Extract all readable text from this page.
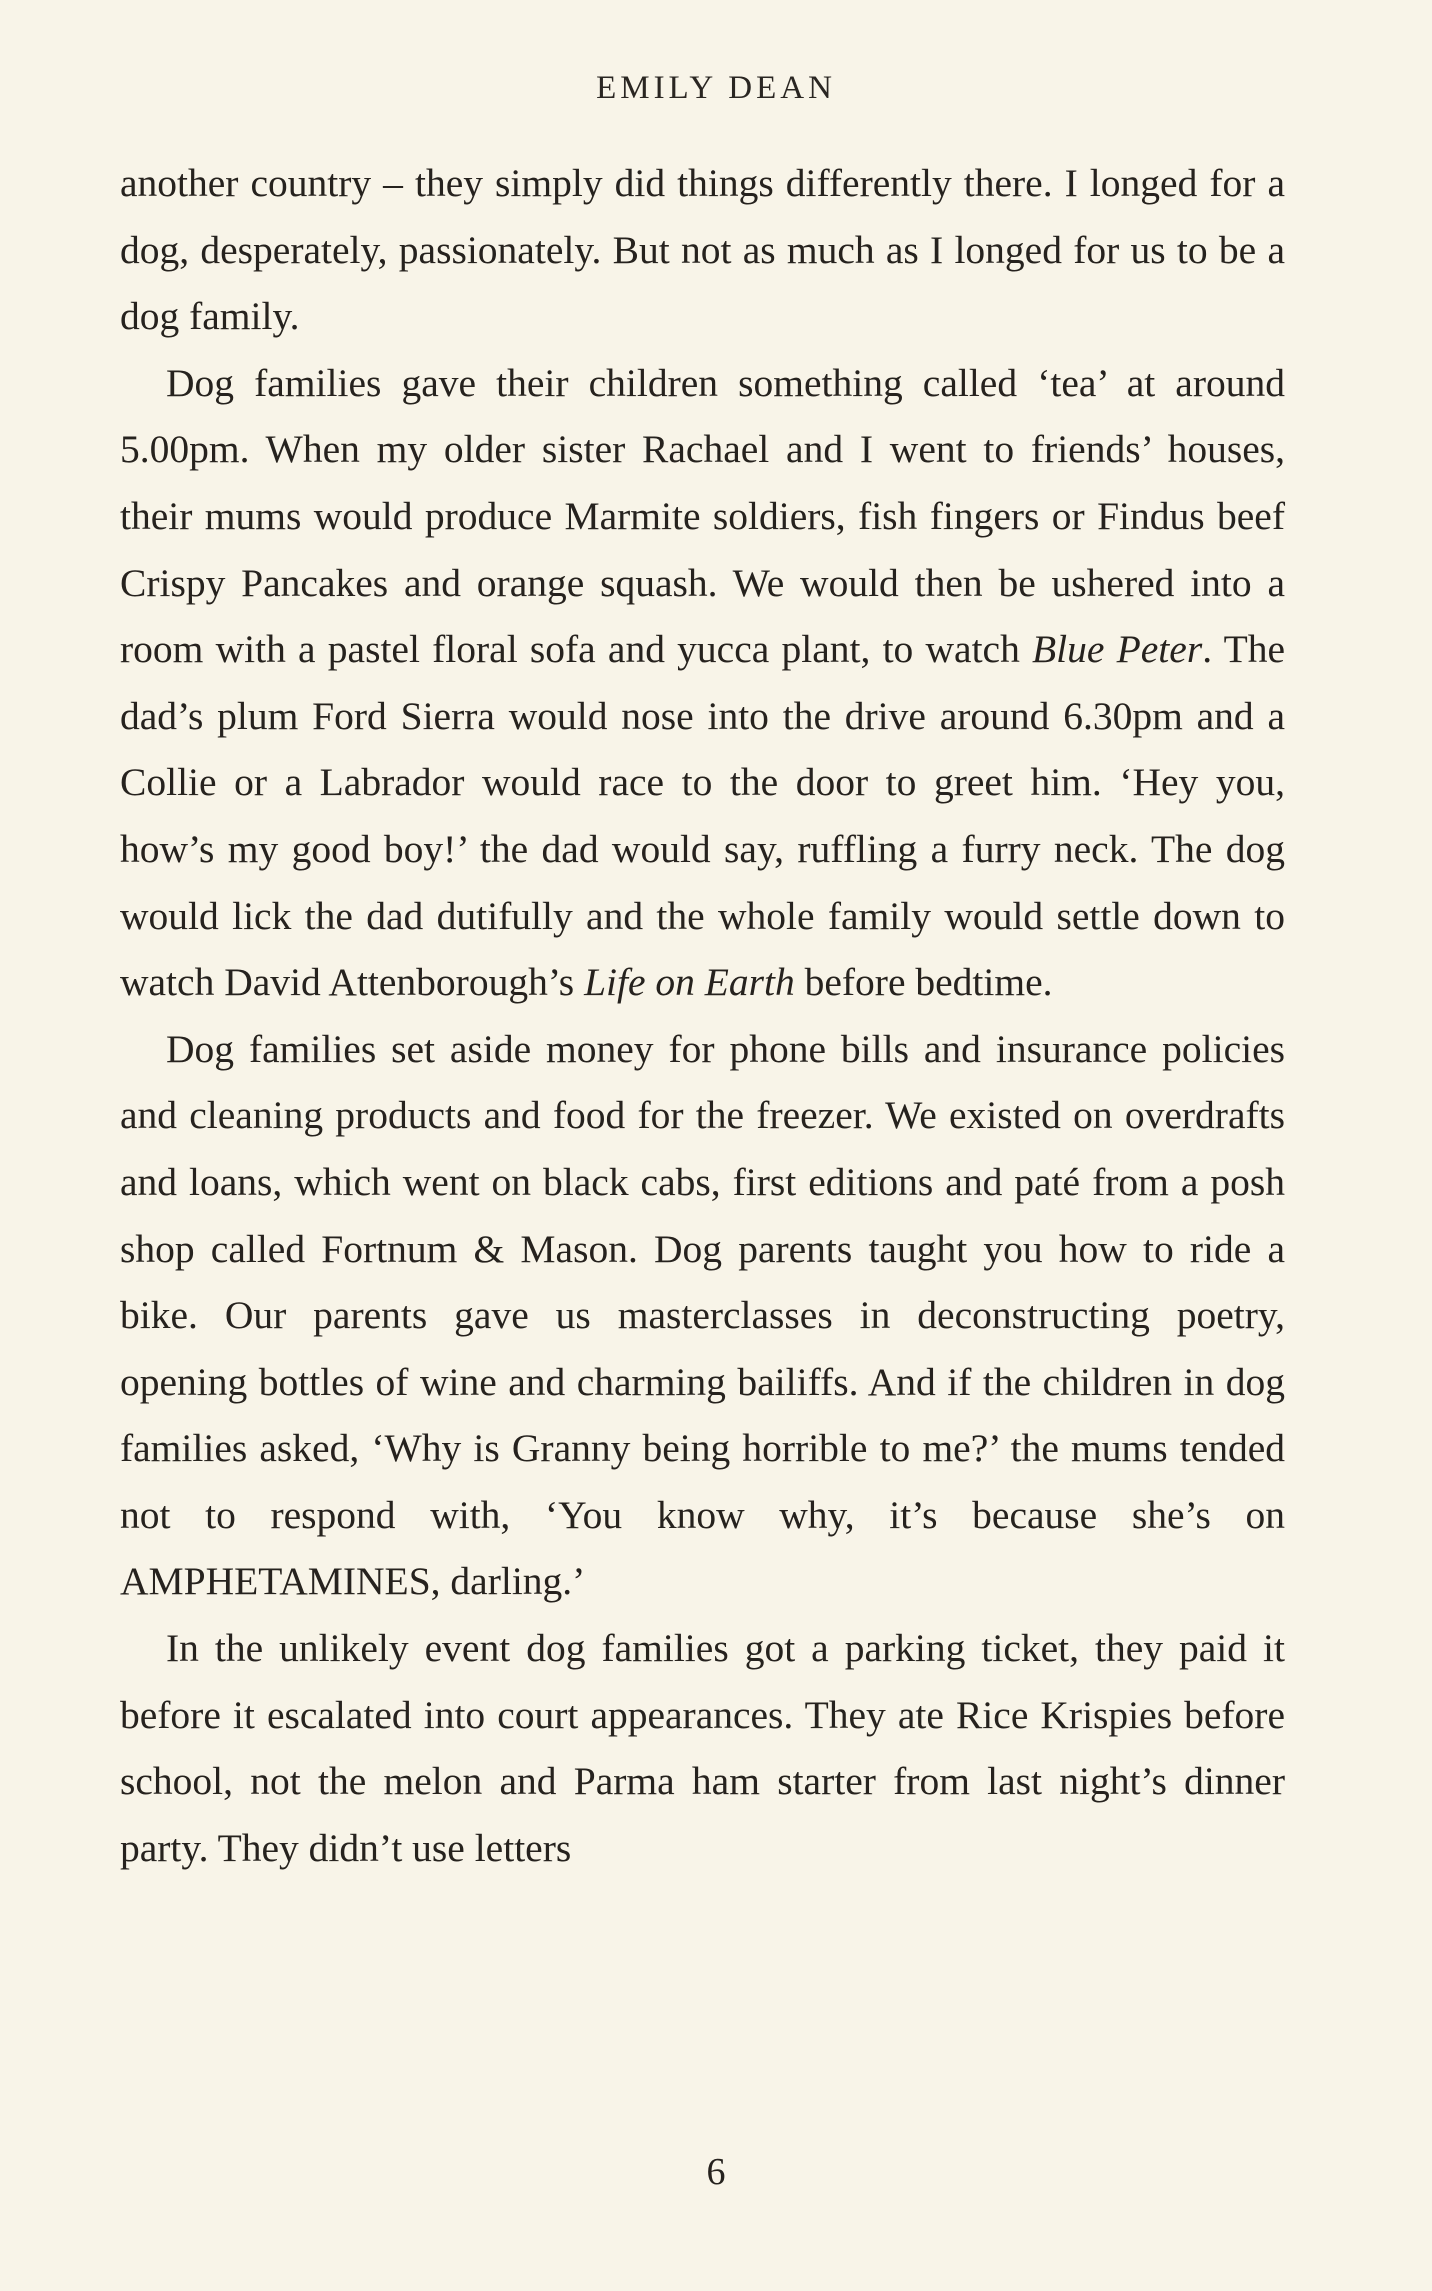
EMILY DEAN

another country – they simply did things differently there. I longed for a dog, desperately, passionately. But not as much as I longed for us to be a dog family.

Dog families gave their children something called ‘tea’ at around 5.00pm. When my older sister Rachael and I went to friends’ houses, their mums would produce Marmite soldiers, fish fingers or Findus beef Crispy Pancakes and orange squash. We would then be ushered into a room with a pastel floral sofa and yucca plant, to watch Blue Peter. The dad’s plum Ford Sierra would nose into the drive around 6.30pm and a Collie or a Labrador would race to the door to greet him. ‘Hey you, how’s my good boy!’ the dad would say, ruffling a furry neck. The dog would lick the dad dutifully and the whole family would settle down to watch David Attenborough’s Life on Earth before bedtime.

Dog families set aside money for phone bills and insurance policies and cleaning products and food for the freezer. We existed on overdrafts and loans, which went on black cabs, first editions and paté from a posh shop called Fortnum & Mason. Dog parents taught you how to ride a bike. Our parents gave us masterclasses in deconstructing poetry, opening bottles of wine and charming bailiffs. And if the children in dog families asked, ‘Why is Granny being horrible to me?’ the mums tended not to respond with, ‘You know why, it’s because she’s on AMPHETAMINES, darling.’

In the unlikely event dog families got a parking ticket, they paid it before it escalated into court appearances. They ate Rice Krispies before school, not the melon and Parma ham starter from last night’s dinner party. They didn’t use letters

6
